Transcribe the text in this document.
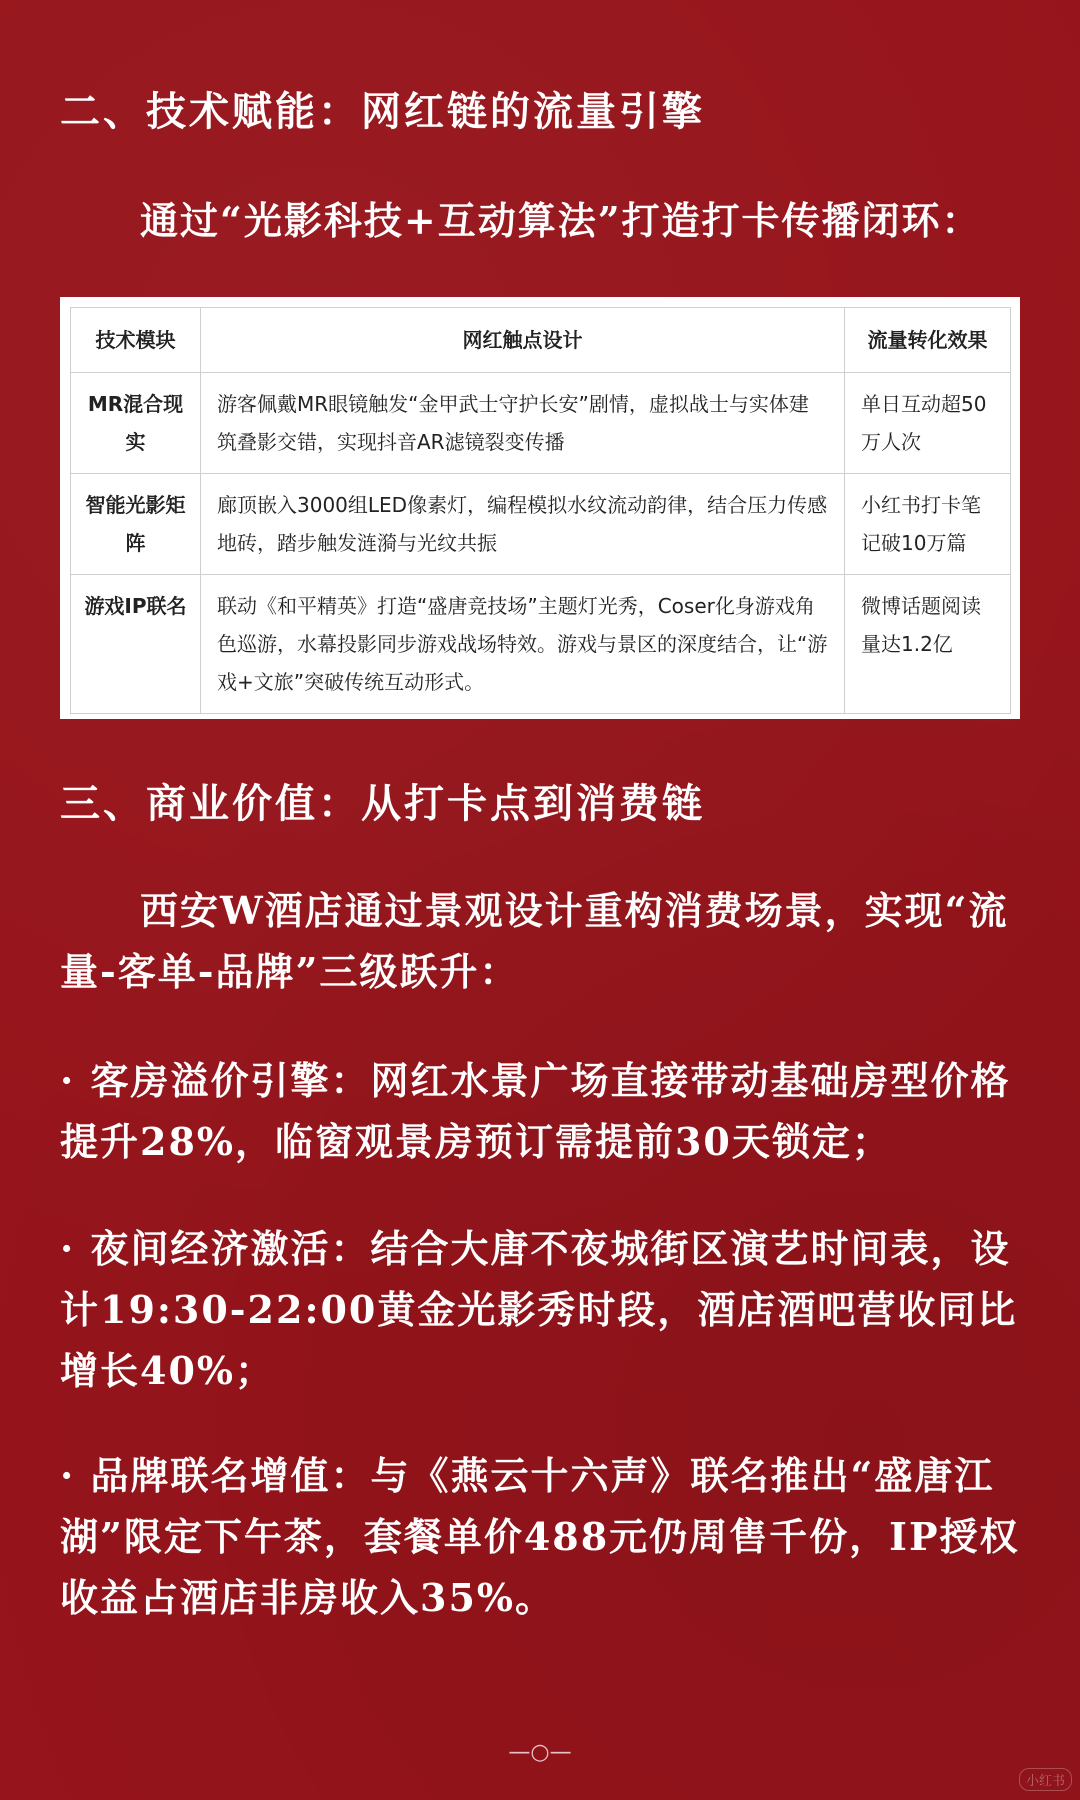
二、技术赋能：网红链的流量引擎

通过“光影科技+互动算法”打造打卡传播闭环：

技术模块	网红触点设计	流量转化效果
MR混合现实	游客佩戴MR眼镜触发“金甲武士守护长安”剧情，虚拟战士与实体建筑叠影交错，实现抖音AR滤镜裂变传播	单日互动超50万人次
智能光影矩阵	廊顶嵌入3000组LED像素灯，编程模拟水纹流动韵律，结合压力传感地砖，踏步触发涟漪与光纹共振	小红书打卡笔记破10万篇
游戏IP联名	联动《和平精英》打造“盛唐竞技场”主题灯光秀，Coser化身游戏角色巡游，水幕投影同步游戏战场特效。游戏与景区的深度结合，让“游戏+文旅”突破传统互动形式。	微博话题阅读量达1.2亿
三、商业价值：从打卡点到消费链

西安W酒店通过景观设计重构消费场景，实现“流量-客单-品牌”三级跃升：

· 客房溢价引擎：网红水景广场直接带动基础房型价格提升28%，临窗观景房预订需提前30天锁定；

· 夜间经济激活：结合大唐不夜城街区演艺时间表，设计19:30-22:00黄金光影秀时段，酒店酒吧营收同比增长40%；

· 品牌联名增值：与《燕云十六声》联名推出“盛唐江湖”限定下午茶，套餐单价488元仍周售千份，IP授权收益占酒店非房收入35%。

—○—
小红书
